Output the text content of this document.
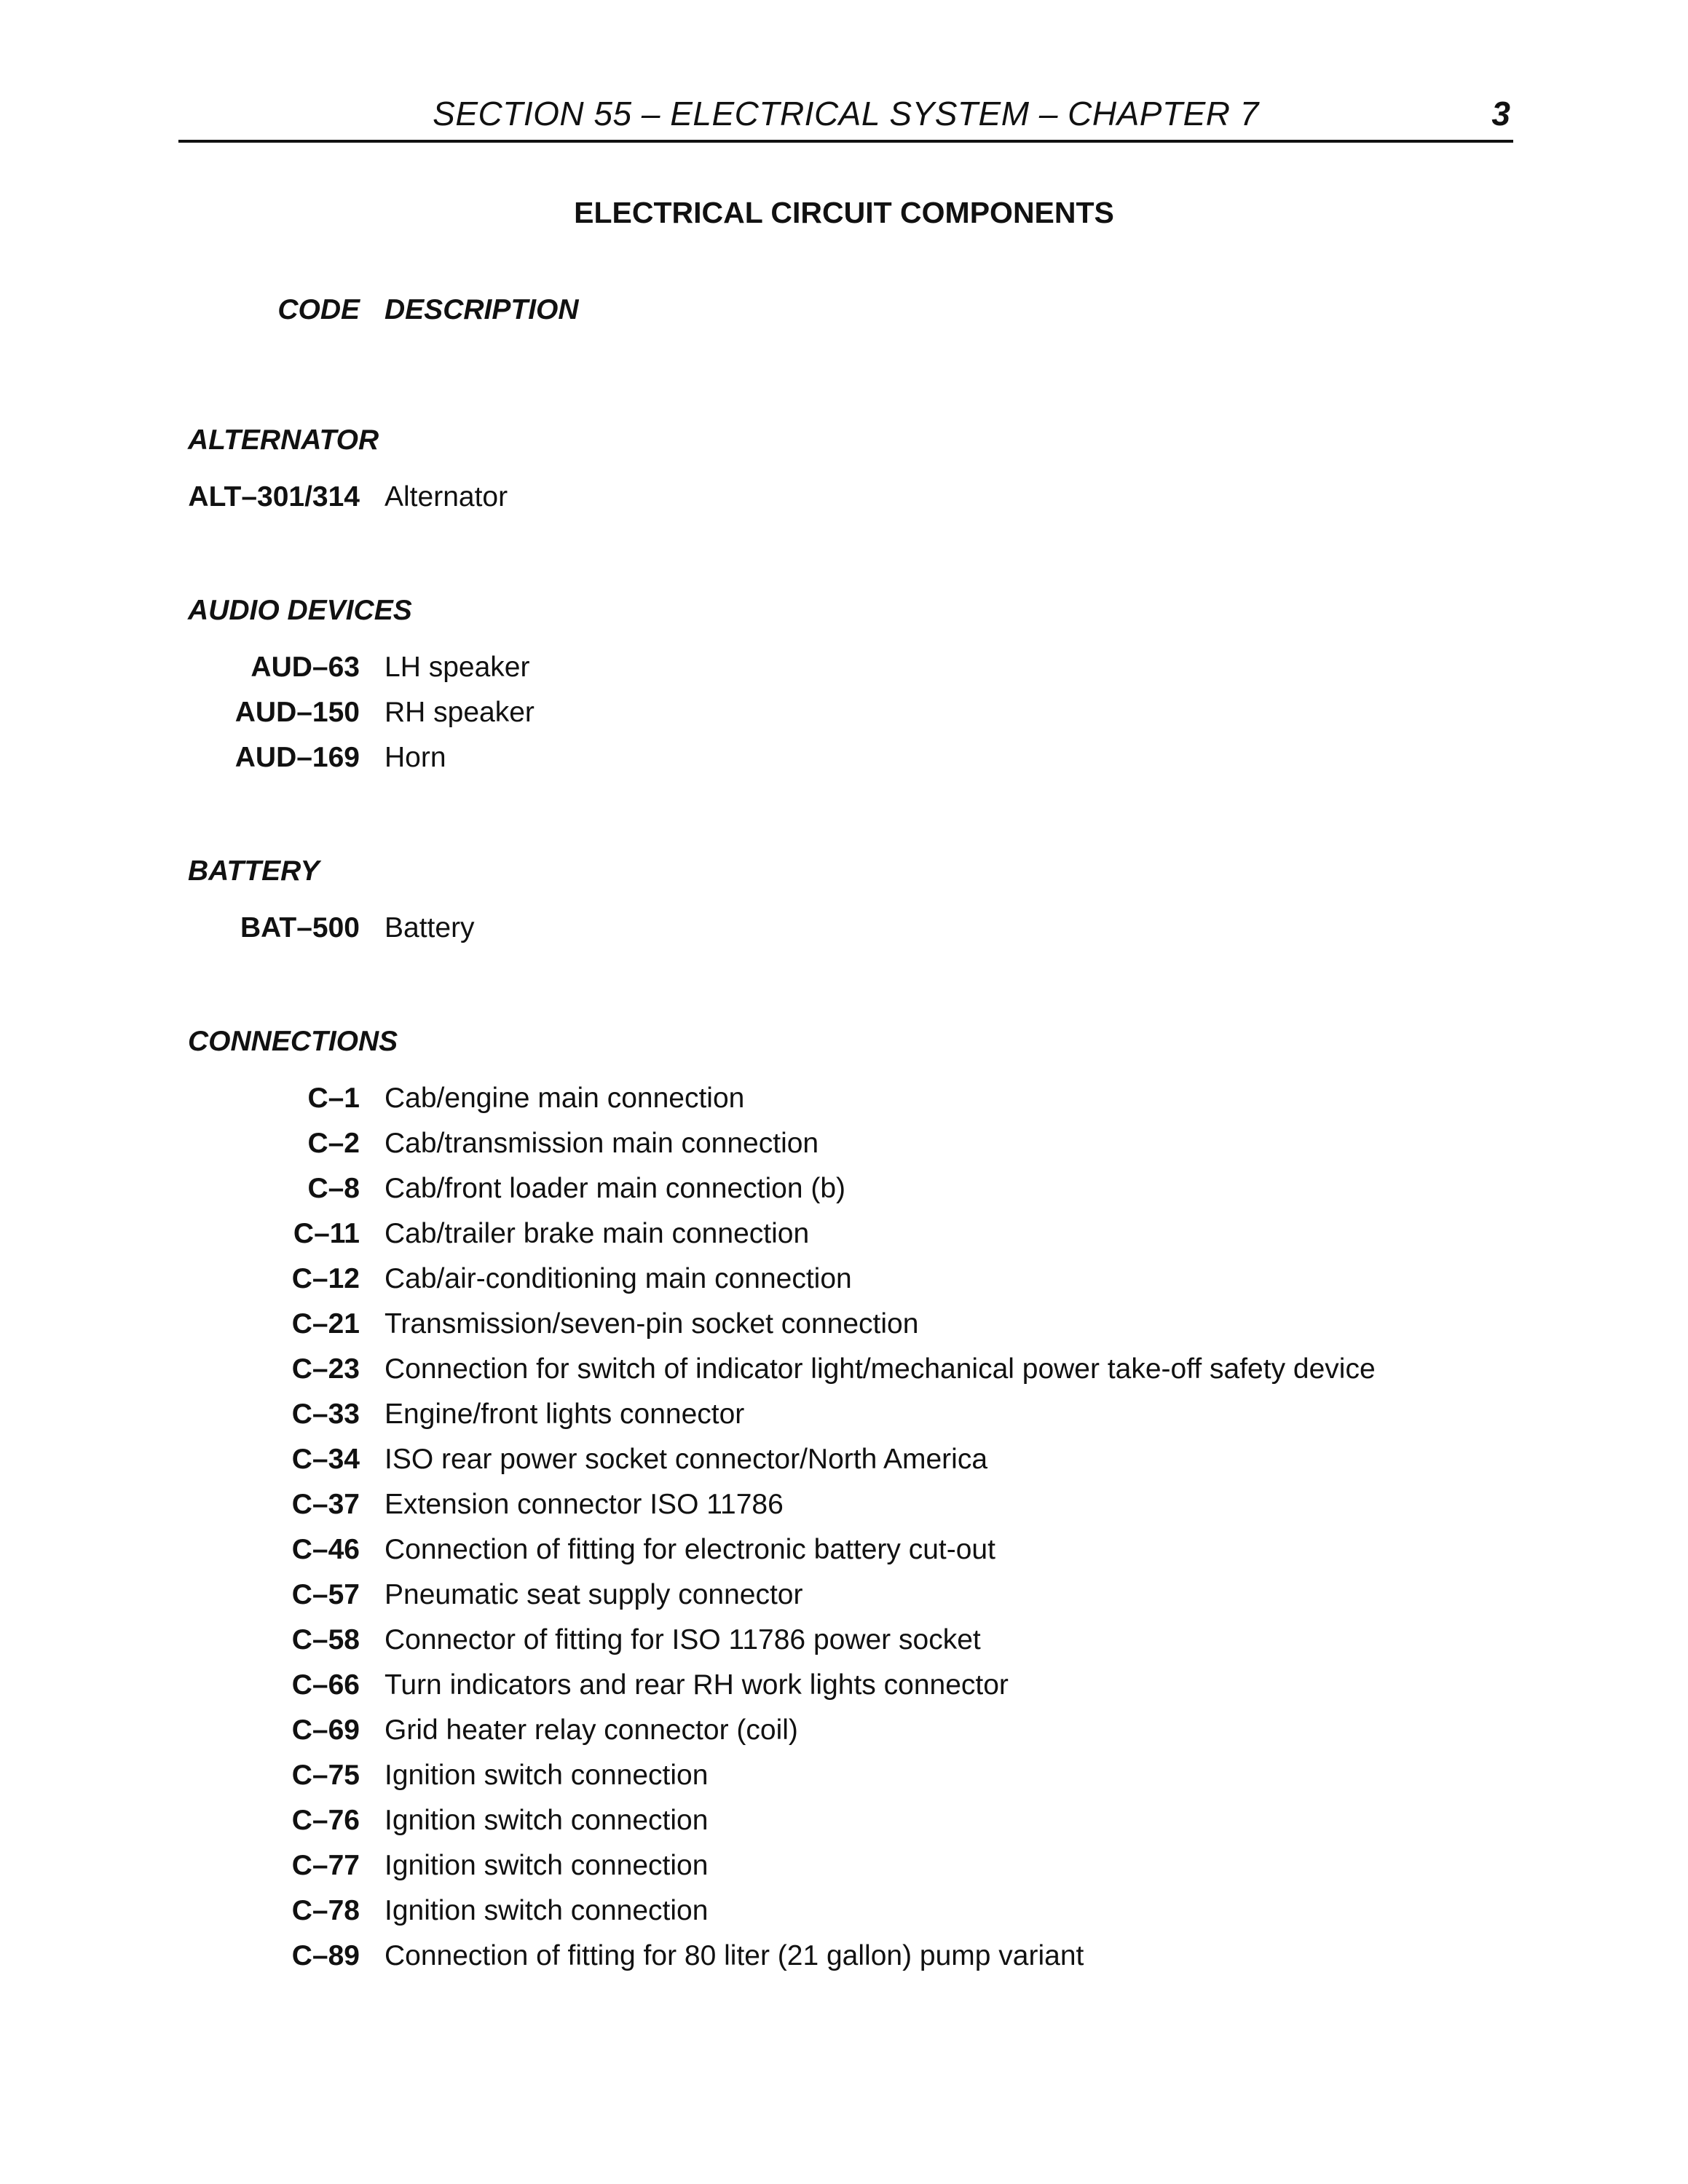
SECTION 55 – ELECTRICAL SYSTEM – CHAPTER 7	3
ELECTRICAL CIRCUIT COMPONENTS
CODE DESCRIPTION
ALTERNATOR
ALT–301/314 Alternator
AUDIO DEVICES
AUD–63 LH speaker
AUD–150 RH speaker
AUD–169 Horn
BATTERY
BAT–500 Battery
CONNECTIONS
C–1 Cab/engine main connection
C–2 Cab/transmission main connection
C–8 Cab/front loader main connection (b)
C–11 Cab/trailer brake main connection
C–12 Cab/air-conditioning main connection
C–21 Transmission/seven-pin socket connection
C–23 Connection for switch of indicator light/mechanical power take-off safety device
C–33 Engine/front lights connector
C–34 ISO rear power socket connector/North America
C–37 Extension connector ISO 11786
C–46 Connection of fitting for electronic battery cut-out
C–57 Pneumatic seat supply connector
C–58 Connector of fitting for ISO 11786 power socket
C–66 Turn indicators and rear RH work lights connector
C–69 Grid heater relay connector (coil)
C–75 Ignition switch connection
C–76 Ignition switch connection
C–77 Ignition switch connection
C–78 Ignition switch connection
C–89 Connection of fitting for 80 liter (21 gallon) pump variant
